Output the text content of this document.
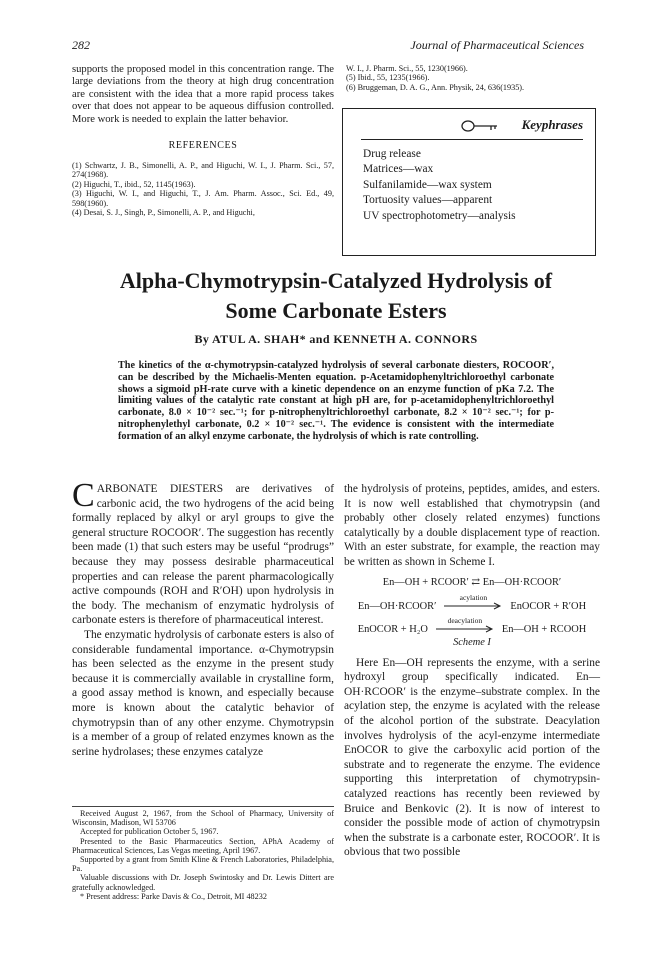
282	Journal of Pharmaceutical Sciences
supports the proposed model in this concentration range. The large deviations from the theory at high drug concentration are consistent with the idea that a more rapid process takes over that does not appear to be aqueous diffusion controlled. More work is needed to explain the latter behavior.
REFERENCES
(1) Schwartz, J. B., Simonelli, A. P., and Higuchi, W. I., J. Pharm. Sci., 57, 274(1968).
(2) Higuchi, T., ibid., 52, 1145(1963).
(3) Higuchi, W. I., and Higuchi, T., J. Am. Pharm. Assoc., Sci. Ed., 49, 598(1960).
(4) Desai, S. J., Singh, P., Simonelli, A. P., and Higuchi,
W. I., J. Pharm. Sci., 55, 1230(1966).
(5) Ibid., 55, 1235(1966).
(6) Bruggeman, D. A. G., Ann. Physik, 24, 636(1935).
Keyphrases
Drug release
Matrices—wax
Sulfanilamide—wax system
Tortuosity values—apparent
UV spectrophotometry—analysis
Alpha-Chymotrypsin-Catalyzed Hydrolysis of
Some Carbonate Esters
By ATUL A. SHAH* and KENNETH A. CONNORS
The kinetics of the α-chymotrypsin-catalyzed hydrolysis of several carbonate diesters, ROCOOR′, can be described by the Michaelis-Menten equation. p-Acetamidophenyltrichloroethyl carbonate shows a sigmoid pH-rate curve with a kinetic dependence on an enzyme function of pKa 7.2. The limiting values of the catalytic rate constant at high pH are, for p-acetamidophenyltrichloroethyl carbonate, 8.0 × 10⁻² sec.⁻¹; for p-nitrophenyltrichloroethyl carbonate, 8.2 × 10⁻² sec.⁻¹; for p-nitrophenylethyl carbonate, 0.2 × 10⁻² sec.⁻¹. The evidence is consistent with the intermediate formation of an alkyl enzyme carbonate, the hydrolysis of which is rate controlling.
CARBONATE DIESTERS are derivatives of carbonic acid, the two hydrogens of the acid being formally replaced by alkyl or aryl groups to give the general structure ROCOOR′. The suggestion has recently been made (1) that such esters may be useful “prodrugs” because they may possess desirable pharmaceutical properties and can release the parent pharmacologically active compounds (ROH and R′OH) upon hydrolysis in the body. The mechanism of enzymatic hydrolysis of carbonate esters is therefore of pharmaceutical interest.
The enzymatic hydrolysis of carbonate esters is also of considerable fundamental importance. α-Chymotrypsin has been selected as the enzyme in the present study because it is commercially available in crystalline form, a good assay method is known, and especially because more is known about the catalytic behavior of chymotrypsin than of any other enzyme. Chymotrypsin is a member of a group of related enzymes known as the serine hydrolases; these enzymes catalyze
Received August 2, 1967, from the School of Pharmacy, University of Wisconsin, Madison, WI 53706
Accepted for publication October 5, 1967.
Presented to the Basic Pharmaceutics Section, APhA Academy of Pharmaceutical Sciences, Las Vegas meeting, April 1967.
Supported by a grant from Smith Kline & French Laboratories, Philadelphia, Pa.
Valuable discussions with Dr. Joseph Swintosky and Dr. Lewis Dittert are gratefully acknowledged.
* Present address: Parke Davis & Co., Detroit, MI 48232
the hydrolysis of proteins, peptides, amides, and esters. It is now well established that chymotrypsin (and probably other closely related enzymes) functions catalytically by a double displacement type of reaction. With an ester substrate, for example, the reaction may be written as shown in Scheme I.
En—OH + RCOOR′ ⇄ En—OH·RCOOR′
En—OH·RCOOR′
acylation
EnOCOR + R′OH
EnOCOR + H₂O
deacylation
En—OH + RCOOH
Scheme I
Here En—OH represents the enzyme, with a serine hydroxyl group specifically indicated. En—OH·RCOOR′ is the enzyme–substrate complex. In the acylation step, the enzyme is acylated with the release of the alcohol portion of the substrate. Deacylation involves hydrolysis of the acyl-enzyme intermediate EnOCOR to give the carboxylic acid portion of the substrate and to regenerate the enzyme. The evidence supporting this interpretation of chymotrypsin-catalyzed reactions has recently been reviewed by Bruice and Benkovic (2). It is now of interest to consider the possible mode of action of chymotrypsin when the substrate is a carbonate ester, ROCOOR′. It is obvious that two possible
